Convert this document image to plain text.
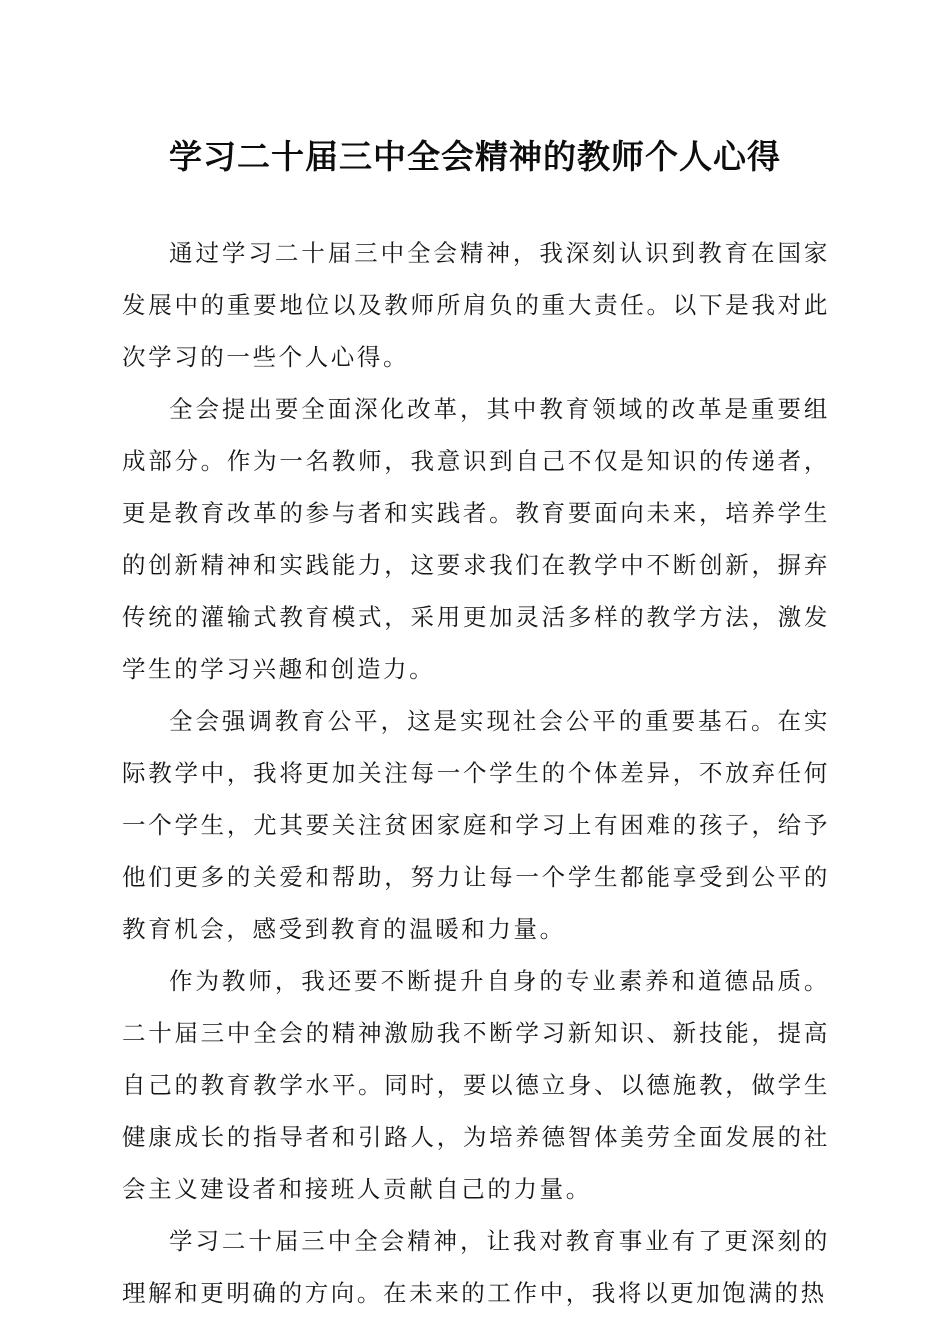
学习二十届三中全会精神的教师个人心得

通过学习二十届三中全会精神，我深刻认识到教育在国家发展中的重要地位以及教师所肩负的重大责任。以下是我对此次学习的一些个人心得。

全会提出要全面深化改革，其中教育领域的改革是重要组成部分。作为一名教师，我意识到自己不仅是知识的传递者，更是教育改革的参与者和实践者。教育要面向未来，培养学生的创新精神和实践能力，这要求我们在教学中不断创新，摒弃传统的灌输式教育模式，采用更加灵活多样的教学方法，激发学生的学习兴趣和创造力。

全会强调教育公平，这是实现社会公平的重要基石。在实际教学中，我将更加关注每一个学生的个体差异，不放弃任何一个学生，尤其要关注贫困家庭和学习上有困难的孩子，给予他们更多的关爱和帮助，努力让每一个学生都能享受到公平的教育机会，感受到教育的温暖和力量。

作为教师，我还要不断提升自身的专业素养和道德品质。二十届三中全会的精神激励我不断学习新知识、新技能，提高自己的教育教学水平。同时，要以德立身、以德施教，做学生健康成长的指导者和引路人，为培养德智体美劳全面发展的社会主义建设者和接班人贡献自己的力量。

学习二十届三中全会精神，让我对教育事业有了更深刻的理解和更明确的方向。在未来的工作中，我将以更加饱满的热
